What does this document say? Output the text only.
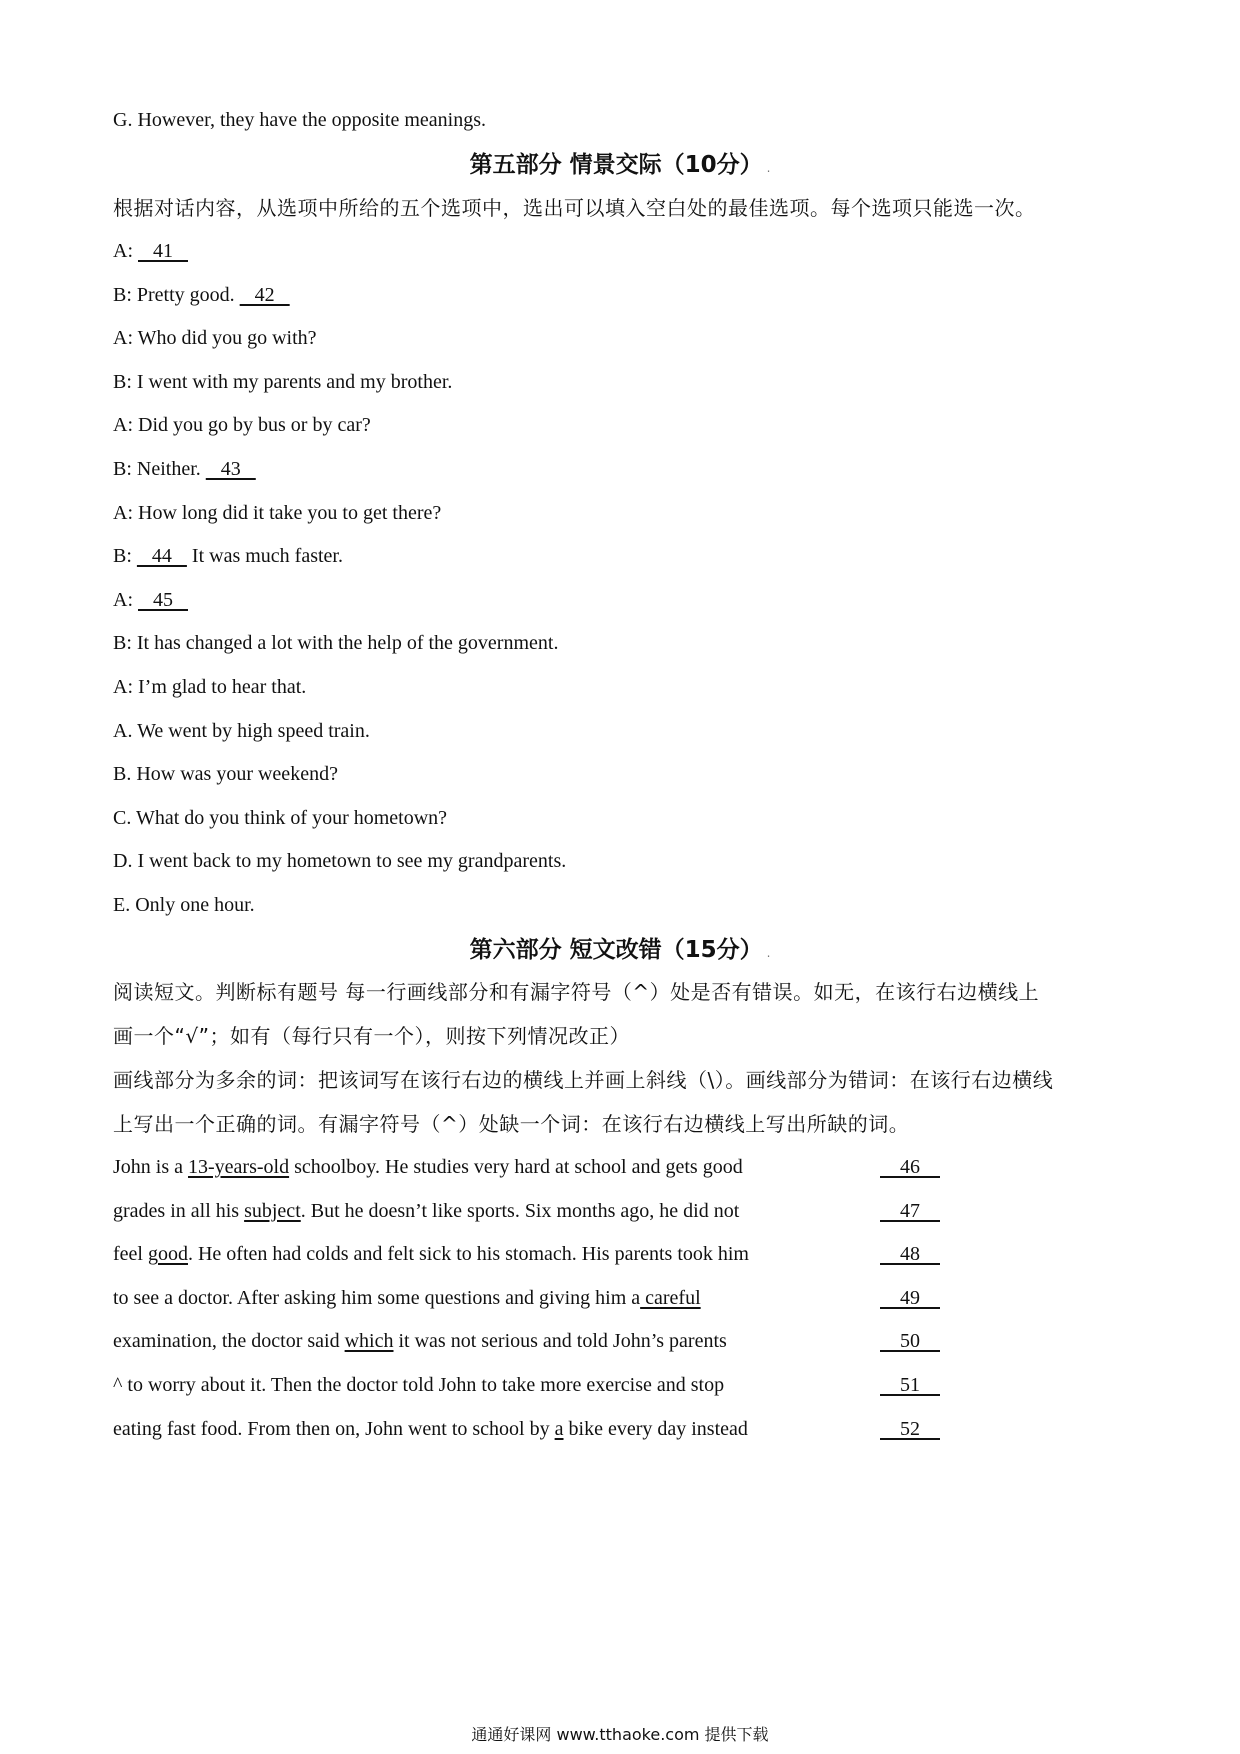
G. However, they have the opposite meanings.
第五部分 情景交际（10分） .
根据对话内容，从选项中所给的五个选项中，选出可以填入空白处的最佳选项。每个选项只能选一次。
A:    41
B: Pretty good.    42
A: Who did you go with?
B: I went with my parents and my brother.
A: Did you go by bus or by car?
B: Neither.    43
A: How long did it take you to get there?
B:    44    It was much faster.
A:    45
B: It has changed a lot with the help of the government.
A: I’m glad to hear that.
A. We went by high speed train.
B. How was your weekend?
C. What do you think of your hometown?
D. I went back to my hometown to see my grandparents.
E. Only one hour.
第六部分 短文改错（15分） .
阅读短文。判断标有题号 每一行画线部分和有漏字符号（^）处是否有错误。如无，在该行右边横线上
画一个“√”；如有（每行只有一个），则按下列情况改正）
画线部分为多余的词：把该词写在该行右边的横线上并画上斜线（\）。画线部分为错词：在该行右边横线
上写出一个正确的词。有漏字符号（^）处缺一个词：在该行右边横线上写出所缺的词。
John is a 13-years-old schoolboy. He studies very hard at school and gets good	46
grades in all his subject. But he doesn’t like sports. Six months ago, he did not	47
feel good. He often had colds and felt sick to his stomach. His parents took him	48
to see a doctor. After asking him some questions and giving him a careful	49
examination, the doctor said which it was not serious and told John’s parents	50
^ to worry about it. Then the doctor told John to take more exercise and stop	51
eating fast food. From then on, John went to school by a bike every day instead	52
通通好课网 www.tthaoke.com 提供下载
